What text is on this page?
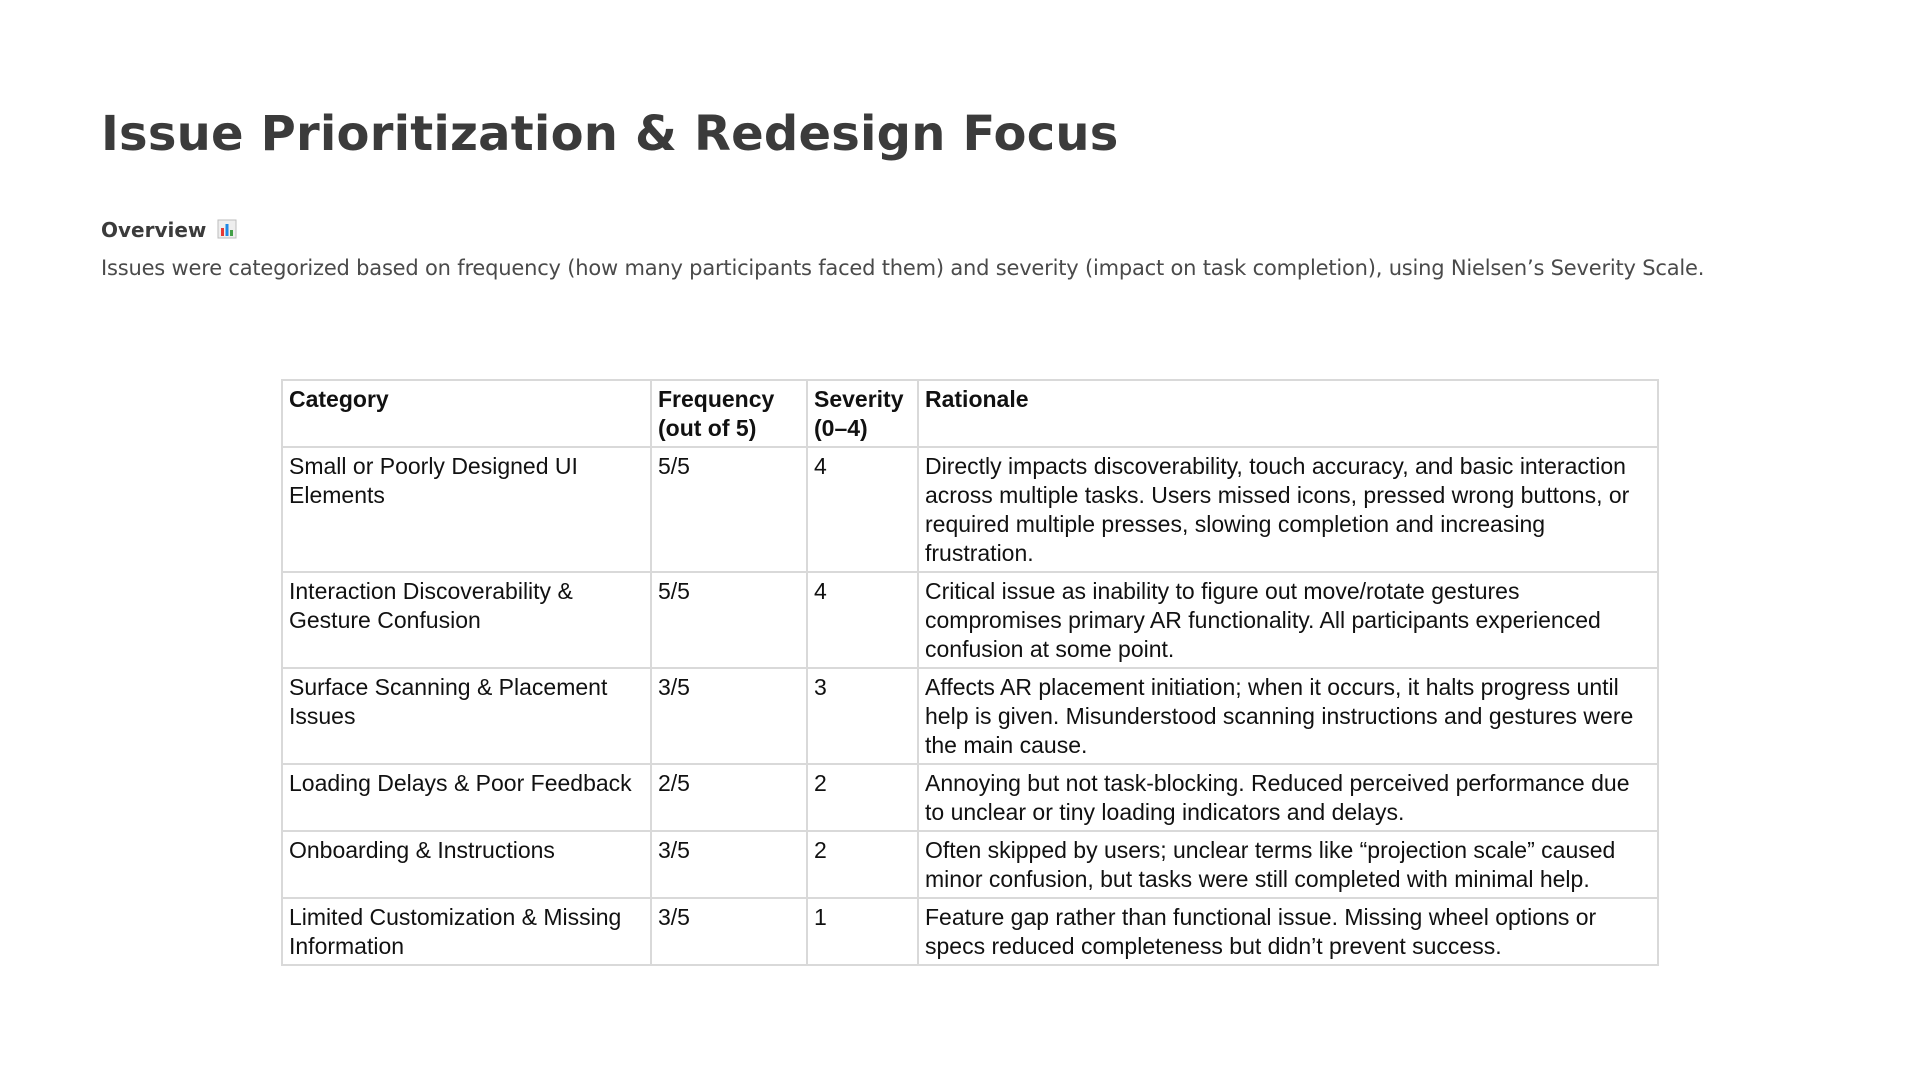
Issue Prioritization & Redesign Focus
Overview
Issues were categorized based on frequency (how many participants faced them) and severity (impact on task completion), using Nielsen’s Severity Scale.
Category	Frequency (out of 5)	Severity (0–4)	Rationale
Small or Poorly Designed UI Elements	5/5	4	Directly impacts discoverability, touch accuracy, and basic interaction across multiple tasks. Users missed icons, pressed wrong buttons, or required multiple presses, slowing completion and increasing frustration.
Interaction Discoverability & Gesture Confusion	5/5	4	Critical issue as inability to figure out move/rotate gestures compromises primary AR functionality. All participants experienced confusion at some point.
Surface Scanning & Placement Issues	3/5	3	Affects AR placement initiation; when it occurs, it halts progress until help is given. Misunderstood scanning instructions and gestures were the main cause.
Loading Delays & Poor Feedback	2/5	2	Annoying but not task-blocking. Reduced perceived performance due to unclear or tiny loading indicators and delays.
Onboarding & Instructions	3/5	2	Often skipped by users; unclear terms like “projection scale” caused minor confusion, but tasks were still completed with minimal help.
Limited Customization & Missing Information	3/5	1	Feature gap rather than functional issue. Missing wheel options or specs reduced completeness but didn’t prevent success.
